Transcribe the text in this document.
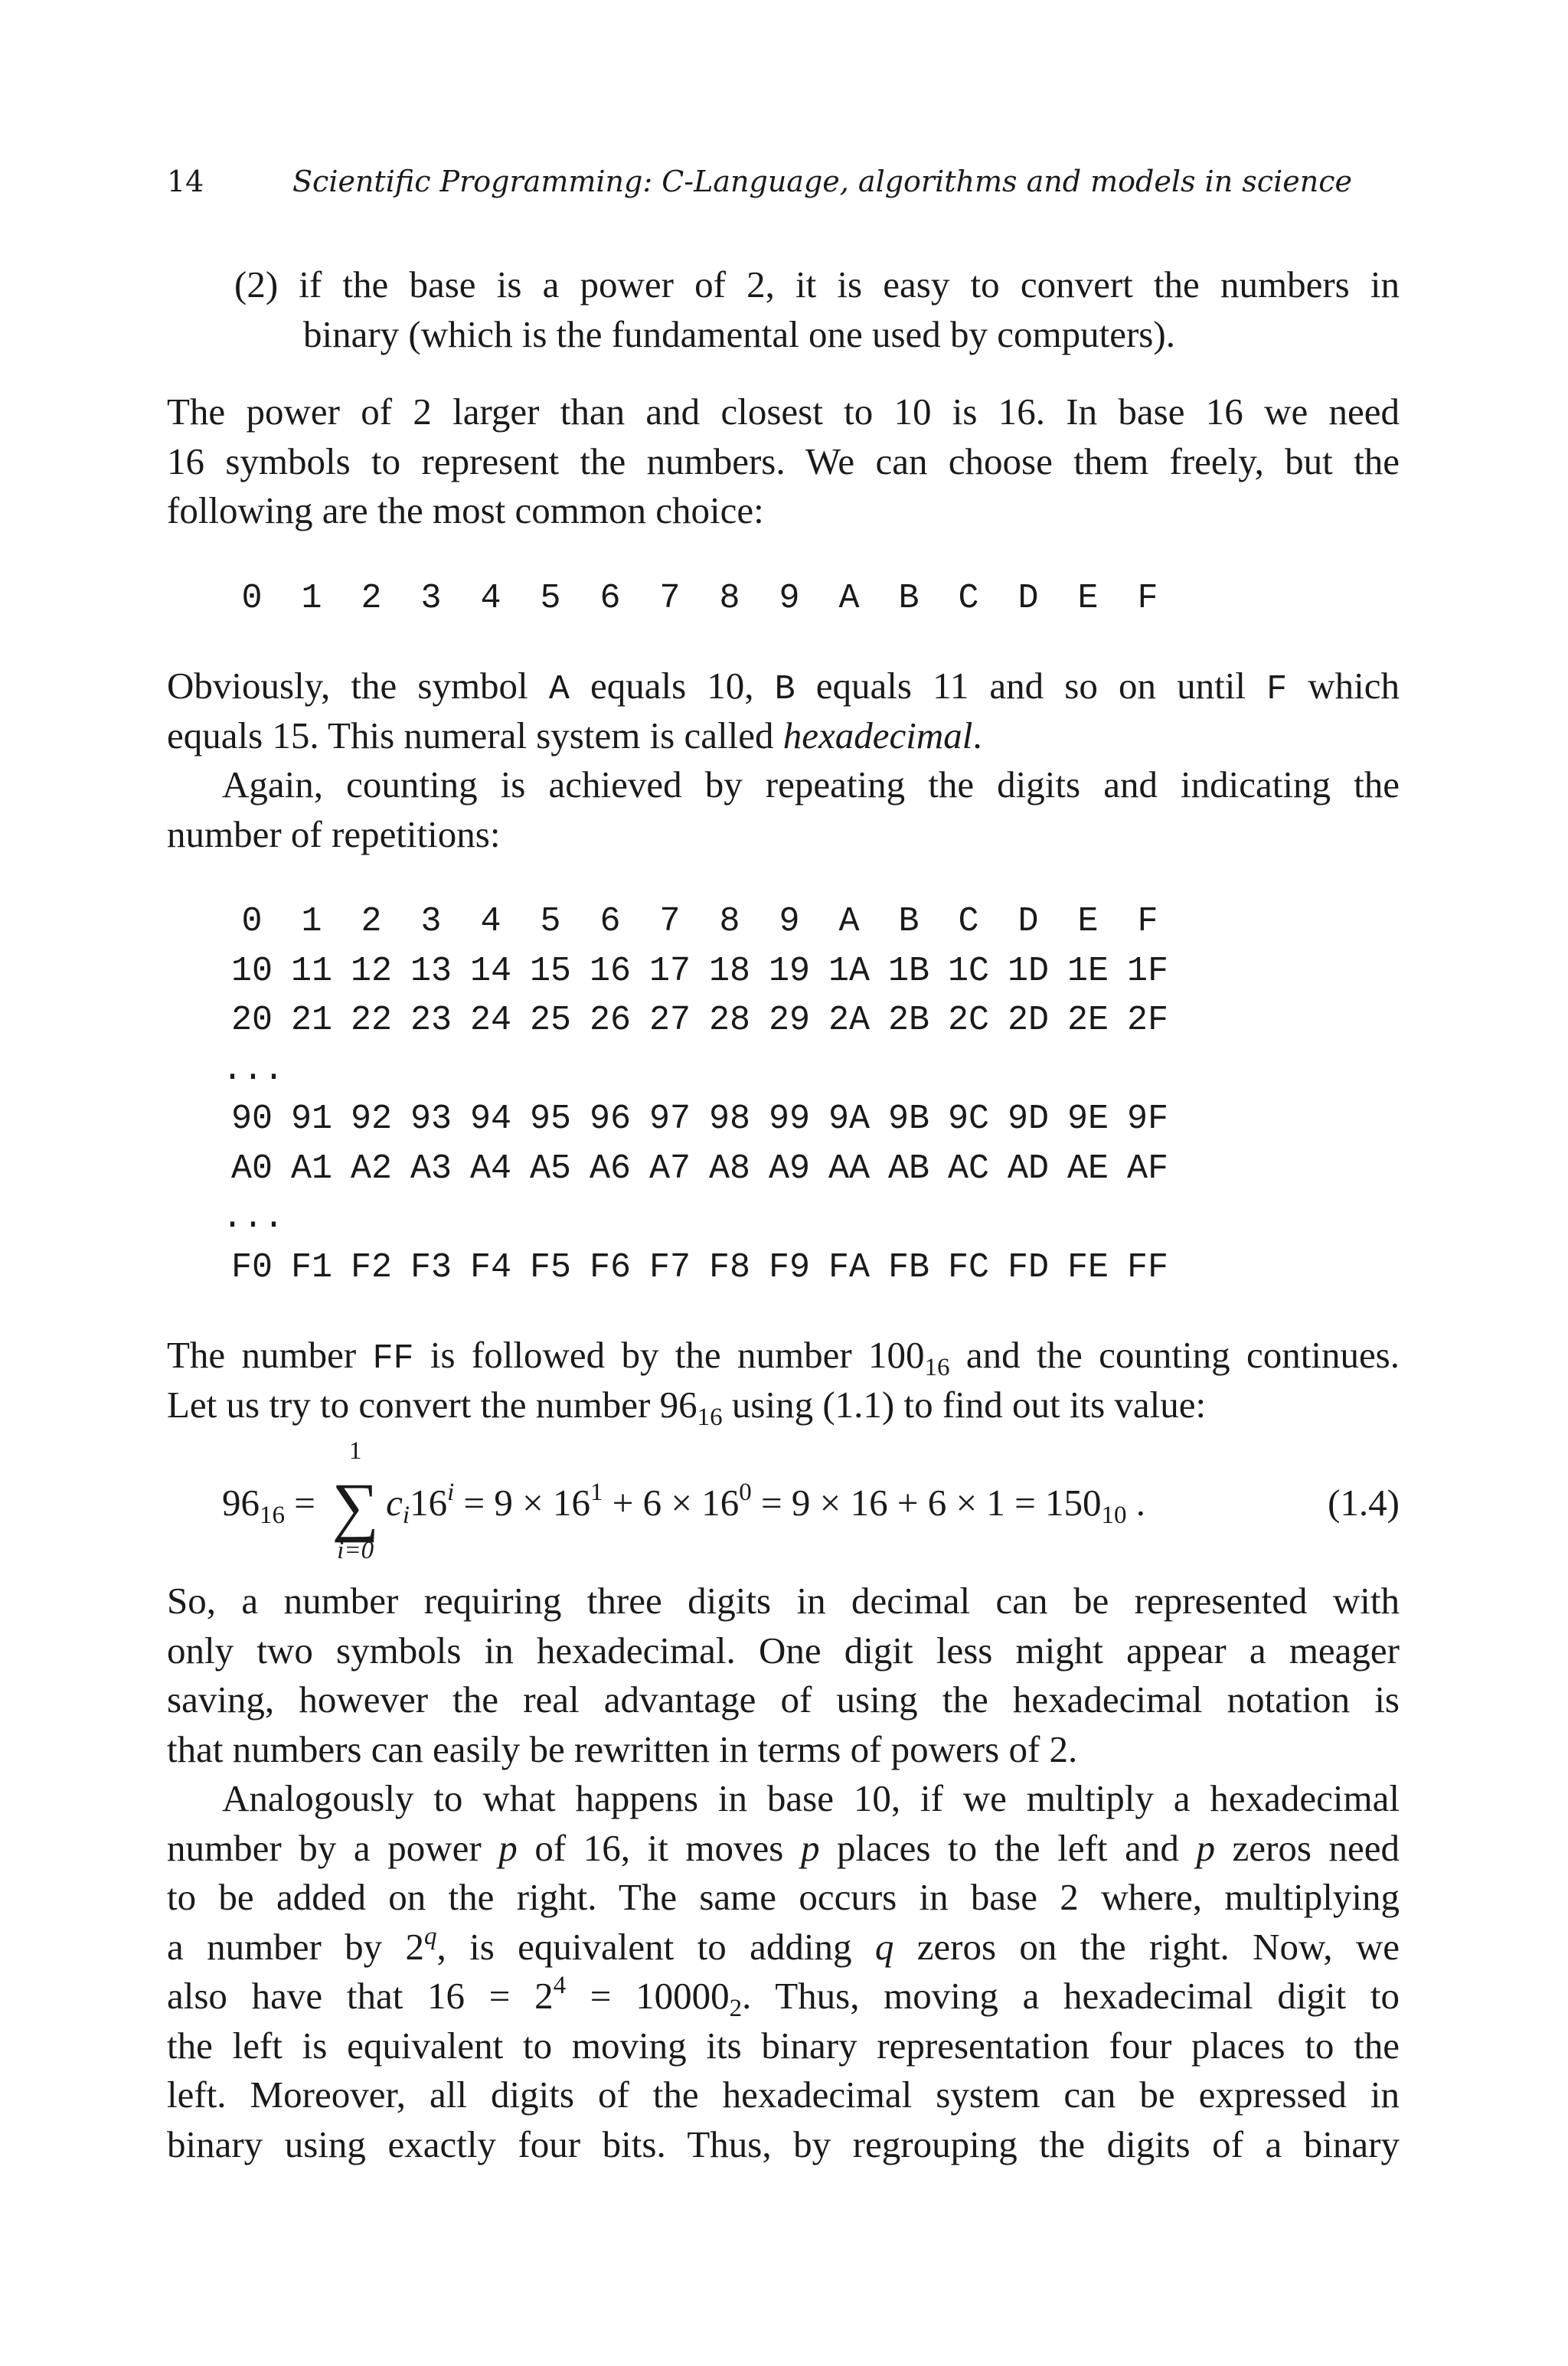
14	Scientific Programming: C-Language, algorithms and models in science
(2) if the base is a power of 2, it is easy to convert the numbers in
binary (which is the fundamental one used by computers).
The power of 2 larger than and closest to 10 is 16. In base 16 we need
16 symbols to represent the numbers. We can choose them freely, but the
following are the most common choice:
0 1 2 3 4 5 6 7 8 9 A B C D E F
Obviously, the symbol A equals 10, B equals 11 and so on until F which
equals 15. This numeral system is called hexadecimal.
Again, counting is achieved by repeating the digits and indicating the
number of repetitions:
0 1 2 3 4 5 6 7 8 9 A B C D E F
10 11 12 13 14 15 16 17 18 19 1A 1B 1C 1D 1E 1F
20 21 22 23 24 25 26 27 28 29 2A 2B 2C 2D 2E 2F
...
90 91 92 93 94 95 96 97 98 99 9A 9B 9C 9D 9E 9F
A0 A1 A2 A3 A4 A5 A6 A7 A8 A9 AA AB AC AD AE AF
...
F0 F1 F2 F3 F4 F5 F6 F7 F8 F9 FA FB FC FD FE FF
The number FF is followed by the number $100_{16}$ and the counting continues.
Let us try to convert the number $96_{16}$ using (1.1) to find out its value:
$96_{16}$ =
1
∑
i=0
$c_i16^i = 9 \times 16^1 + 6 \times 16^0 = 9 \times 16 + 6 \times 1 = 150_{10}$ .	(1.4)
So, a number requiring three digits in decimal can be represented with
only two symbols in hexadecimal. One digit less might appear a meager
saving, however the real advantage of using the hexadecimal notation is
that numbers can easily be rewritten in terms of powers of 2.
Analogously to what happens in base 10, if we multiply a hexadecimal
number by a power p of 16, it moves p places to the left and p zeros need
to be added on the right. The same occurs in base 2 where, multiplying
a number by 2$^q$, is equivalent to adding q zeros on the right. Now, we
also have that $16 = 2^4 = 10000_2$. Thus, moving a hexadecimal digit to
the left is equivalent to moving its binary representation four places to the
left. Moreover, all digits of the hexadecimal system can be expressed in
binary using exactly four bits. Thus, by regrouping the digits of a binary
